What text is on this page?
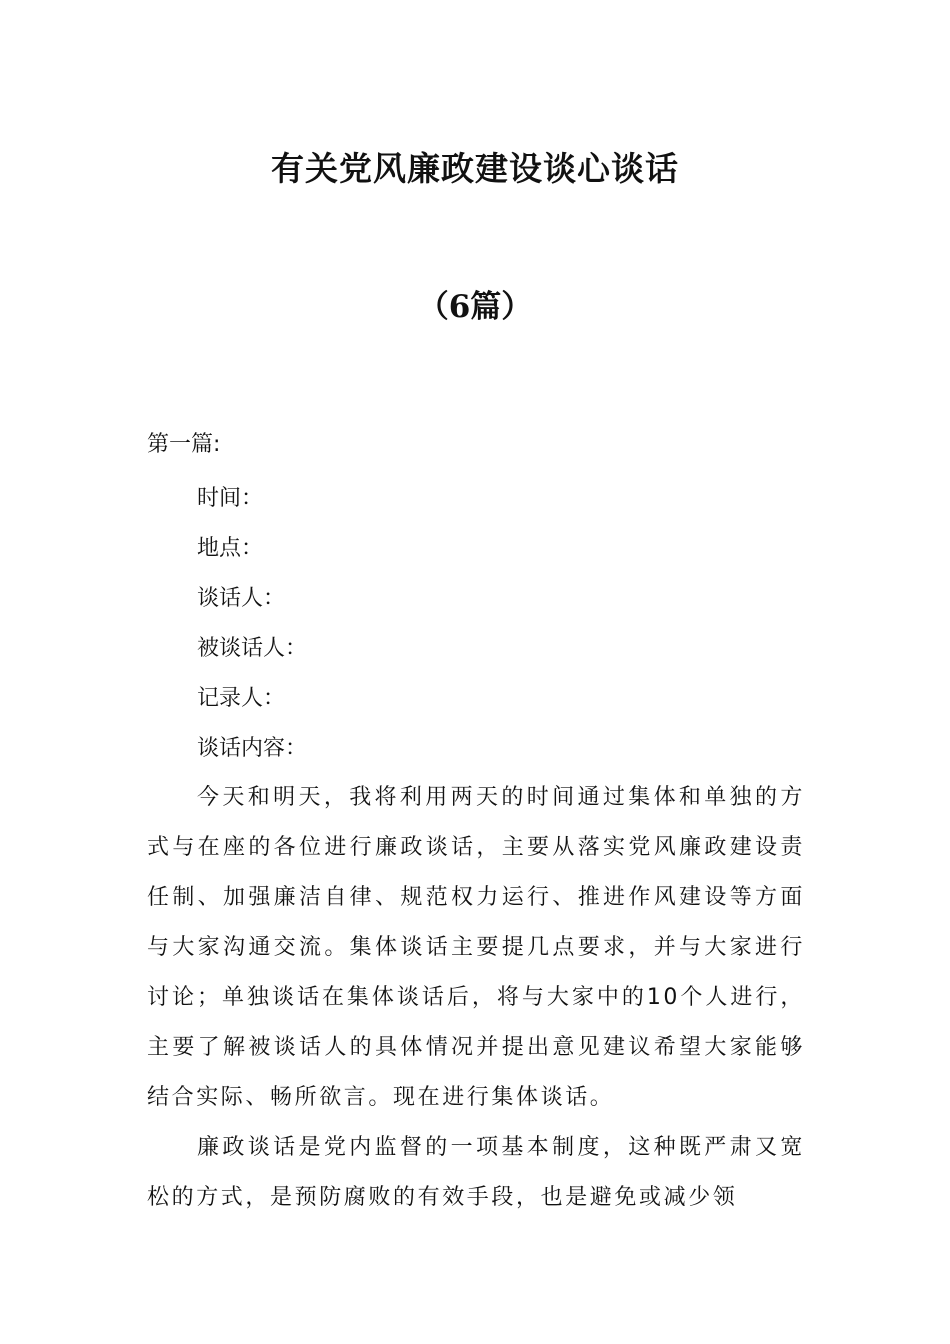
有关党风廉政建设谈心谈话
（6篇）
第一篇:
时间：
地点：
谈话人：
被谈话人：
记录人：
谈话内容：

今天和明天，我将利用两天的时间通过集体和单独的方式与在座的各位进行廉政谈话，主要从落实党风廉政建设责任制、加强廉洁自律、规范权力运行、推进作风建设等方面与大家沟通交流。集体谈话主要提几点要求，并与大家进行讨论；单独谈话在集体谈话后，将与大家中的10个人进行，主要了解被谈话人的具体情况并提出意见建议希望大家能够结合实际、畅所欲言。现在进行集体谈话。

廉政谈话是党内监督的一项基本制度，这种既严肃又宽松的方式，是预防腐败的有效手段，也是避免或减少领
